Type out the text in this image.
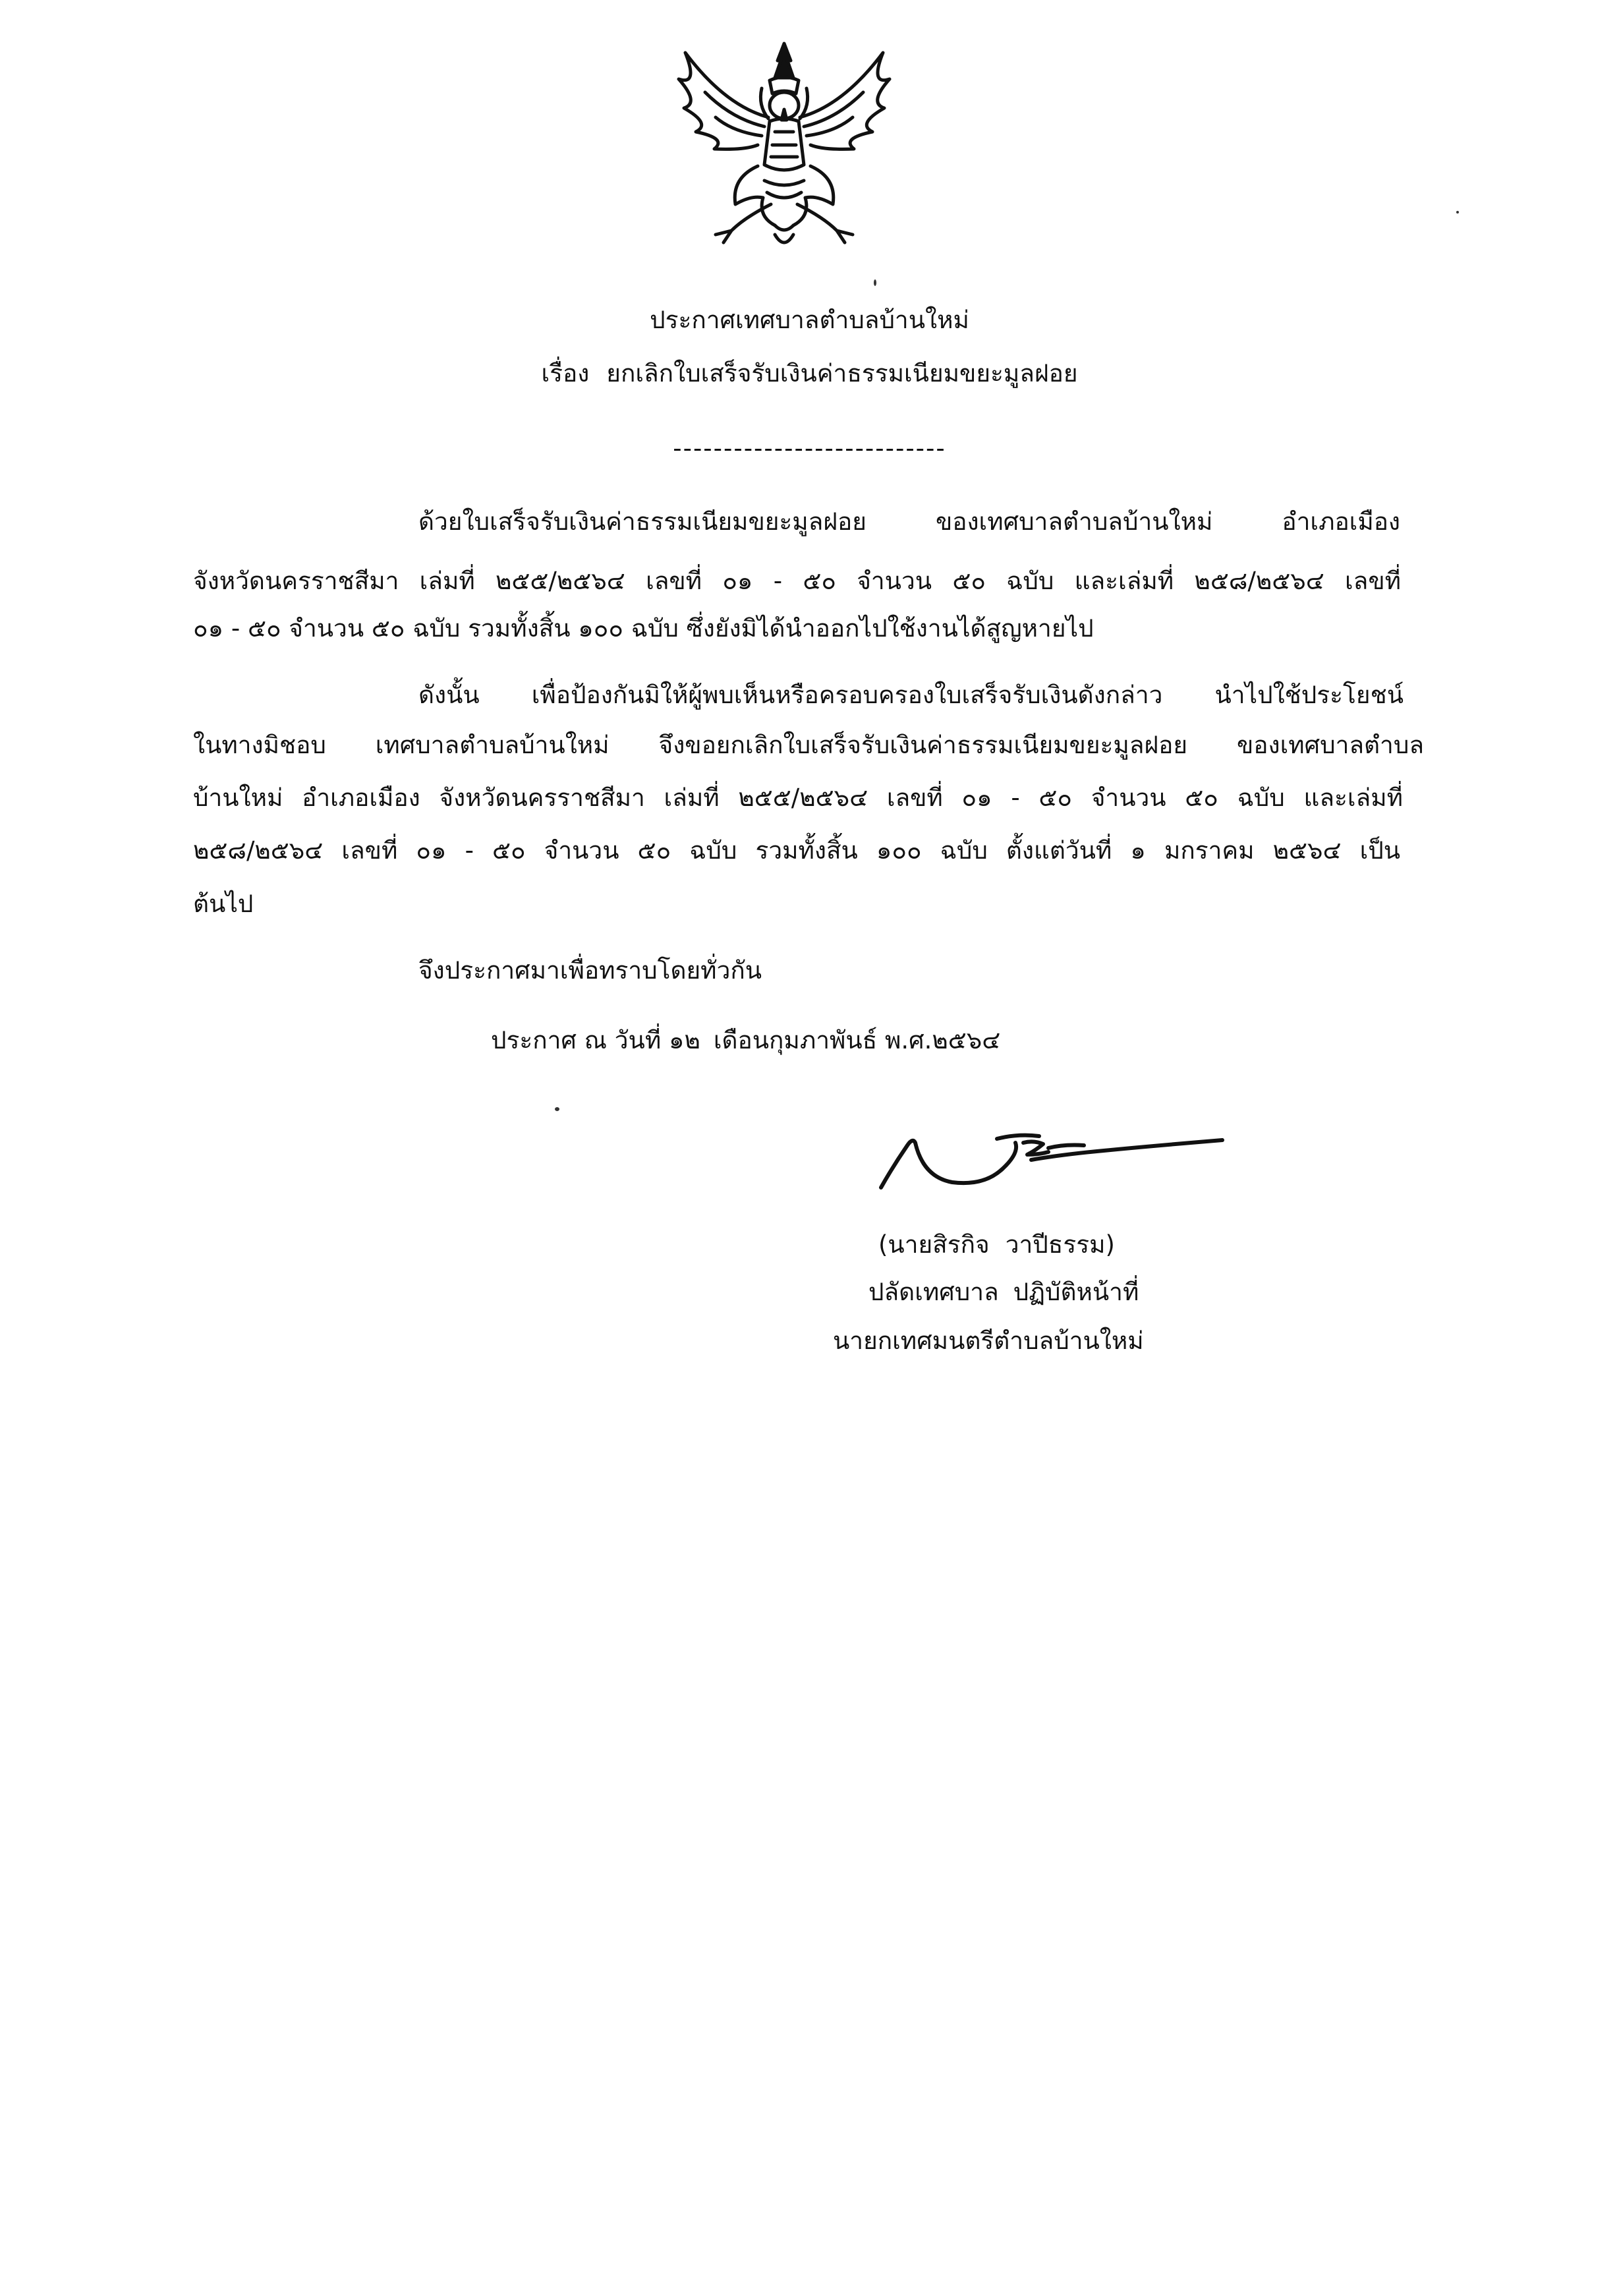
ประกาศเทศบาลตำบลบ้านใหม่
เรื่อง ยกเลิกใบเสร็จรับเงินค่าธรรมเนียมขยะมูลฝอย
---------------------------
ด้วยใบเสร็จรับเงินค่าธรรมเนียมขยะมูลฝอย ของเทศบาลตำบลบ้านใหม่ อำเภอเมือง
จังหวัดนครราชสีมา เล่มที่ ๒๕๕/๒๕๖๔ เลขที่ ๐๑ - ๕๐ จำนวน ๕๐ ฉบับ และเล่มที่ ๒๕๘/๒๕๖๔ เลขที่
๐๑ - ๕๐ จำนวน ๕๐ ฉบับ รวมทั้งสิ้น ๑๐๐ ฉบับ ซึ่งยังมิได้นำออกไปใช้งานได้สูญหายไป
ดังนั้น เพื่อป้องกันมิให้ผู้พบเห็นหรือครอบครองใบเสร็จรับเงินดังกล่าว นำไปใช้ประโยชน์
ในทางมิชอบ เทศบาลตำบลบ้านใหม่ จึงขอยกเลิกใบเสร็จรับเงินค่าธรรมเนียมขยะมูลฝอย ของเทศบาลตำบล
บ้านใหม่ อำเภอเมือง จังหวัดนครราชสีมา เล่มที่ ๒๕๕/๒๕๖๔ เลขที่ ๐๑ - ๕๐ จำนวน ๕๐ ฉบับ และเล่มที่
๒๕๘/๒๕๖๔ เลขที่ ๐๑ - ๕๐ จำนวน ๕๐ ฉบับ รวมทั้งสิ้น ๑๐๐ ฉบับ ตั้งแต่วันที่ ๑ มกราคม ๒๕๖๔ เป็น
ต้นไป
จึงประกาศมาเพื่อทราบโดยทั่วกัน
ประกาศ ณ วันที่ ๑๒ เดือนกุมภาพันธ์ พ.ศ.๒๕๖๔
(นายสิรกิจ วาปีธรรม)
ปลัดเทศบาล ปฏิบัติหน้าที่
นายกเทศมนตรีตำบลบ้านใหม่
